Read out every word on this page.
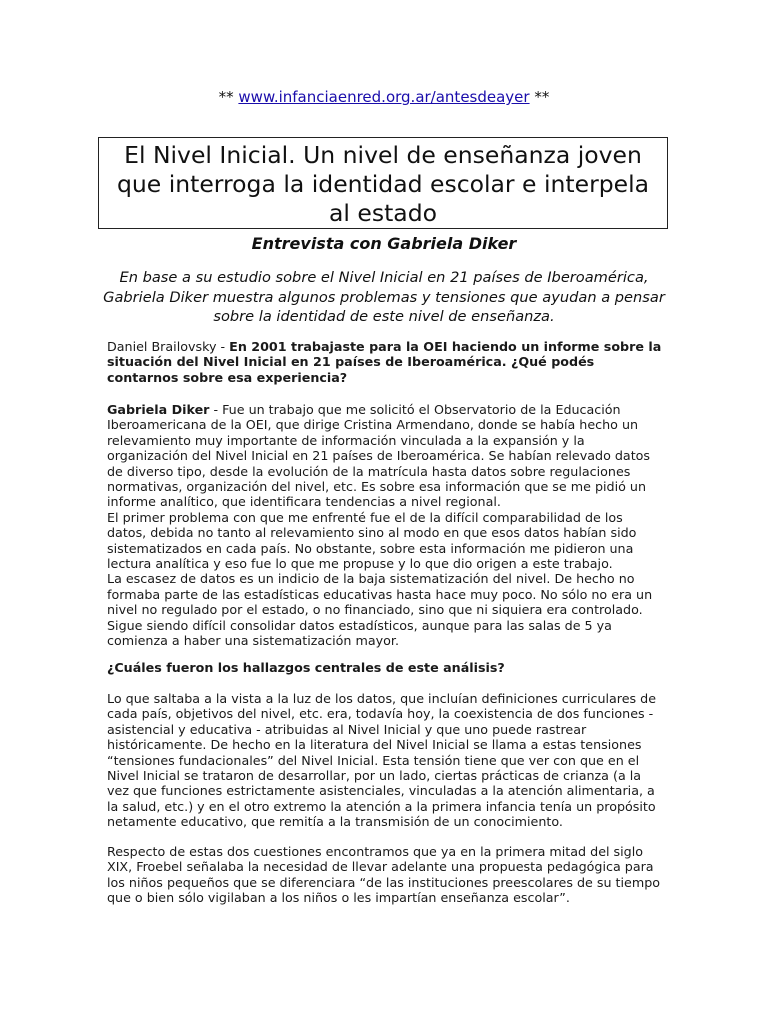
** www.infanciaenred.org.ar/antesdeayer **
El Nivel Inicial. Un nivel de enseñanza joven que interroga la identidad escolar e interpela al estado
Entrevista con Gabriela Diker
En base a su estudio sobre el Nivel Inicial en 21 países de Iberoamérica, Gabriela Diker muestra algunos problemas y tensiones que ayudan a pensar sobre la identidad de este nivel de enseñanza.

Daniel Brailovsky - En 2001 trabajaste para la OEI haciendo un informe sobre la situación del Nivel Inicial en 21 países de Iberoamérica. ¿Qué podés contarnos sobre esa experiencia?

Gabriela Diker - Fue un trabajo que me solicitó el Observatorio de la Educación Iberoamericana de la OEI, que dirige Cristina Armendano, donde se había hecho un relevamiento muy importante de información vinculada a la expansión y la organización del Nivel Inicial en 21 países de Iberoamérica. Se habían relevado datos de diverso tipo, desde la evolución de la matrícula hasta datos sobre regulaciones normativas, organización del nivel, etc. Es sobre esa información que se me pidió un informe analítico, que identificara tendencias a nivel regional.

El primer problema con que me enfrenté fue el de la difícil comparabilidad de los datos, debida no tanto al relevamiento sino al modo en que esos datos habían sido sistematizados en cada país. No obstante, sobre esta información me pidieron una lectura analítica y eso fue lo que me propuse y lo que dio origen a este trabajo.

La escasez de datos es un indicio de la baja sistematización del nivel. De hecho no formaba parte de las estadísticas educativas hasta hace muy poco. No sólo no era un nivel no regulado por el estado, o no financiado, sino que ni siquiera era controlado. Sigue siendo difícil consolidar datos estadísticos, aunque para las salas de 5 ya comienza a haber una sistematización mayor.

¿Cuáles fueron los hallazgos centrales de este análisis?
Lo que saltaba a la vista a la luz de los datos, que incluían definiciones curriculares de cada país, objetivos del nivel, etc. era, todavía hoy, la coexistencia de dos funciones - asistencial y educativa - atribuidas al Nivel Inicial y que uno puede rastrear históricamente. De hecho en la literatura del Nivel Inicial se llama a estas tensiones “tensiones fundacionales” del Nivel Inicial. Esta tensión tiene que ver con que en el Nivel Inicial se trataron de desarrollar, por un lado, ciertas prácticas de crianza (a la vez que funciones estrictamente asistenciales, vinculadas a la atención alimentaria, a la salud, etc.) y en el otro extremo la atención a la primera infancia tenía un propósito netamente educativo, que remitía a la transmisión de un conocimiento.
Respecto de estas dos cuestiones encontramos que ya en la primera mitad del siglo XIX, Froebel señalaba la necesidad de llevar adelante una propuesta pedagógica para los niños pequeños que se diferenciara “de las instituciones preescolares de su tiempo que o bien sólo vigilaban a los niños o les impartían enseñanza escolar”.
